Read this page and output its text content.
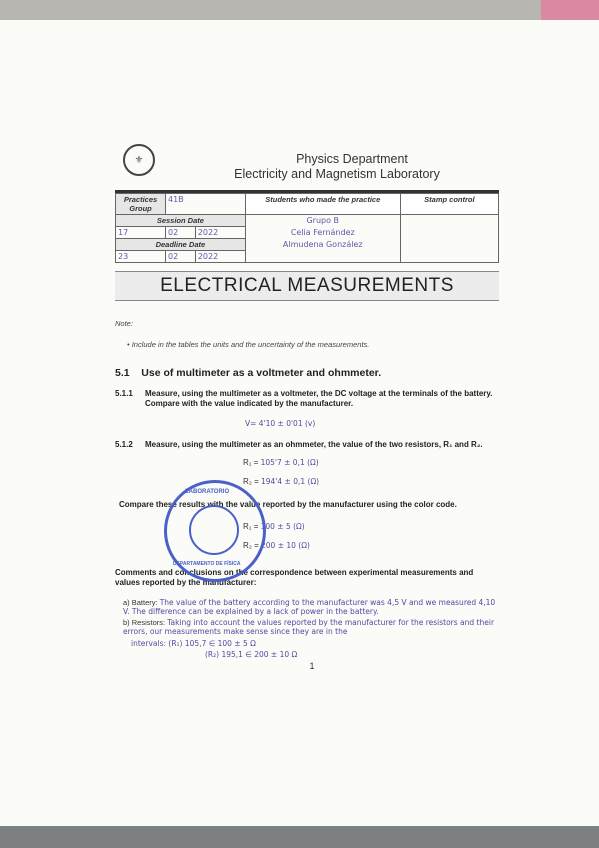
⚜	Physics Department
Electricity and Magnetism Laboratory
Practices Group	41B		Students who made the practice	Stamp control
Session Date			Grupo B
Celia Fernández
Almudena González	

17	02	2022		
Deadline Date				
23	02	2022		
ELECTRICAL MEASUREMENTS
Note:
• Include in the tables the units and the uncertainty of the measurements.
5.1 Use of multimeter as a voltmeter and ohmmeter.
5.1.1	Measure, using the multimeter as a voltmeter, the DC voltage at the terminals of the battery. Compare with the value indicated by the manufacturer.
V= 4'10 ± 0'01 (v)
5.1.2	Measure, using the multimeter as an ohmmeter, the value of the two resistors, R₁ and R₂.
R₁ = 105'7 ± 0,1 (Ω)
R₂ = 194'4 ± 0,1 (Ω)
Compare these results with the value reported by the manufacturer using the color code.
R₁ = 100 ± 5 (Ω)
R₂ = 200 ± 10 (Ω)
Comments and conclusions on the correspondence between experimental measurements and values reported by the manufacturer:
a) Battery: The value of the battery according to the manufacturer was 4,5 V and we measured 4,10 V. The difference can be explained by a lack of power in the battery.
b) Resistors: Taking into account the values reported by the manufacturer for the resistors and their errors, our measurements make sense since they are in the
intervals: (R₁) 105,7 ∈ 100 ± 5 Ω
(R₂) 195,1 ∈ 200 ± 10 Ω
1
LABORATORIO
DEPARTAMENTO DE FÍSICA
